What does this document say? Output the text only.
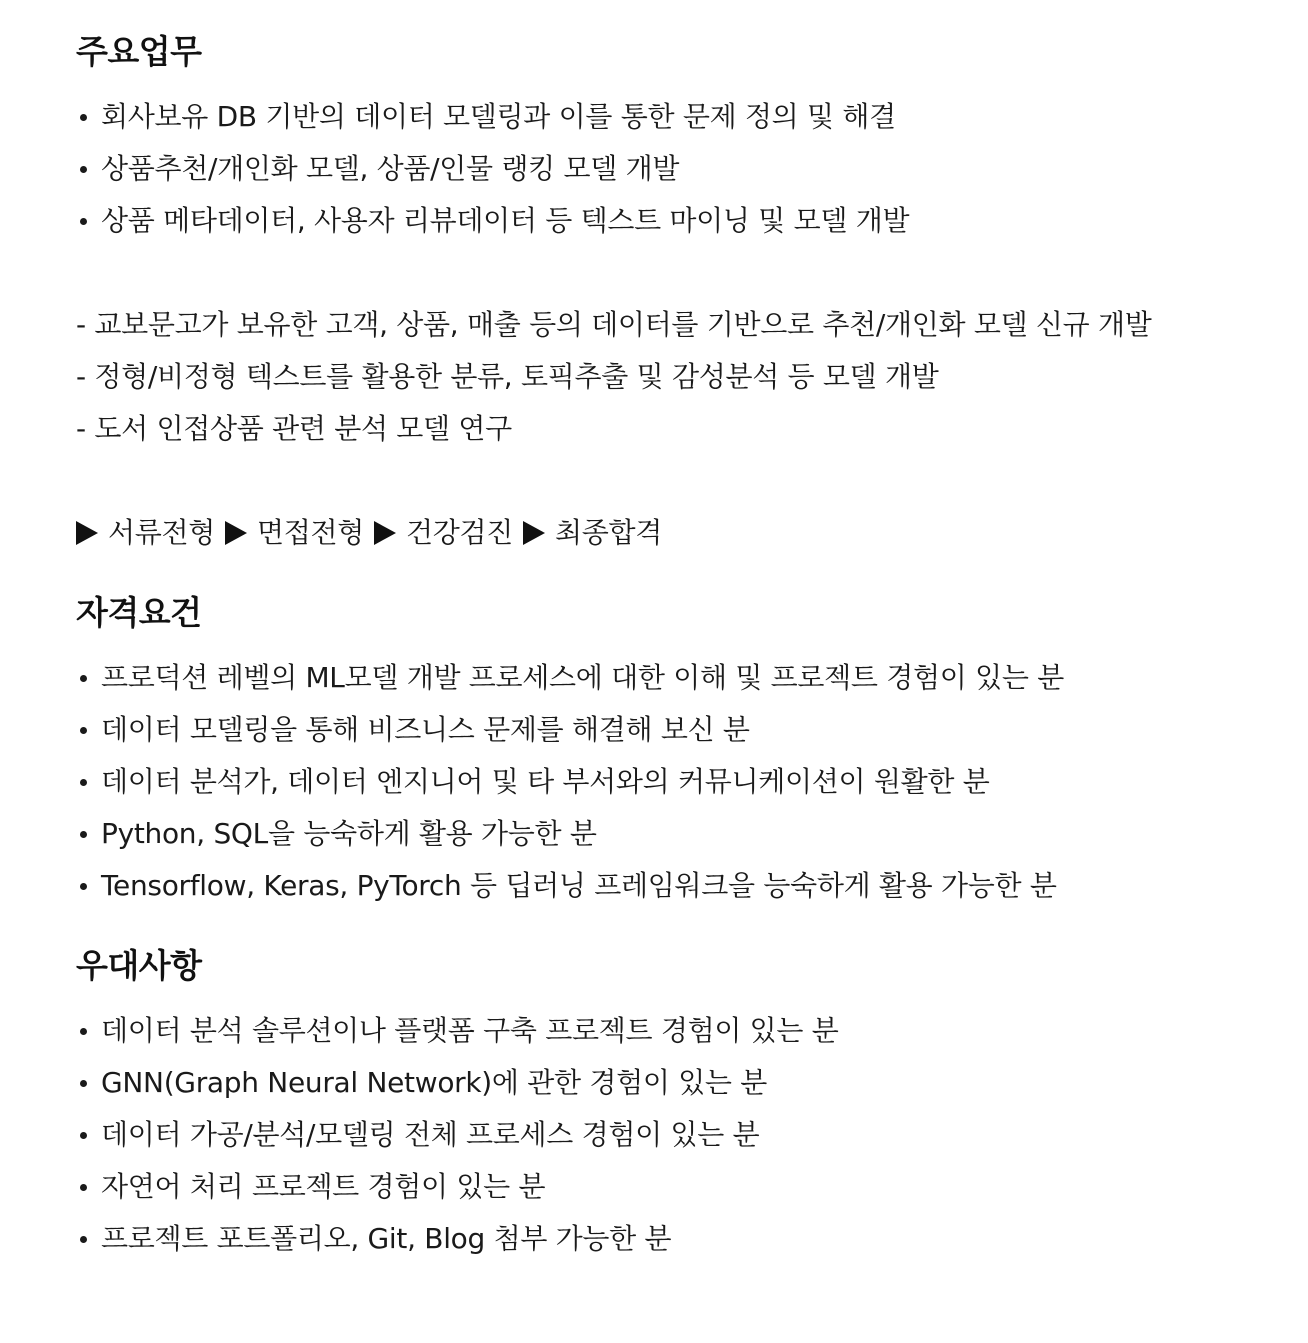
주요업무
회사보유 DB 기반의 데이터 모델링과 이를 통한 문제 정의 및 해결
상품추천/개인화 모델, 상품/인물 랭킹 모델 개발
상품 메타데이터, 사용자 리뷰데이터 등 텍스트 마이닝 및 모델 개발
- 교보문고가 보유한 고객, 상품, 매출 등의 데이터를 기반으로 추천/개인화 모델 신규 개발
- 정형/비정형 텍스트를 활용한 분류, 토픽추출 및 감성분석 등 모델 개발
- 도서 인접상품 관련 분석 모델 연구
서류전형 면접전형 건강검진 최종합격
자격요건
프로덕션 레벨의 ML모델 개발 프로세스에 대한 이해 및 프로젝트 경험이 있는 분
데이터 모델링을 통해 비즈니스 문제를 해결해 보신 분
데이터 분석가, 데이터 엔지니어 및 타 부서와의 커뮤니케이션이 원활한 분
Python, SQL을 능숙하게 활용 가능한 분
Tensorflow, Keras, PyTorch 등 딥러닝 프레임워크을 능숙하게 활용 가능한 분
우대사항
데이터 분석 솔루션이나 플랫폼 구축 프로젝트 경험이 있는 분
GNN(Graph Neural Network)에 관한 경험이 있는 분
데이터 가공/분석/모델링 전체 프로세스 경험이 있는 분
자연어 처리 프로젝트 경험이 있는 분
프로젝트 포트폴리오, Git, Blog 첨부 가능한 분
